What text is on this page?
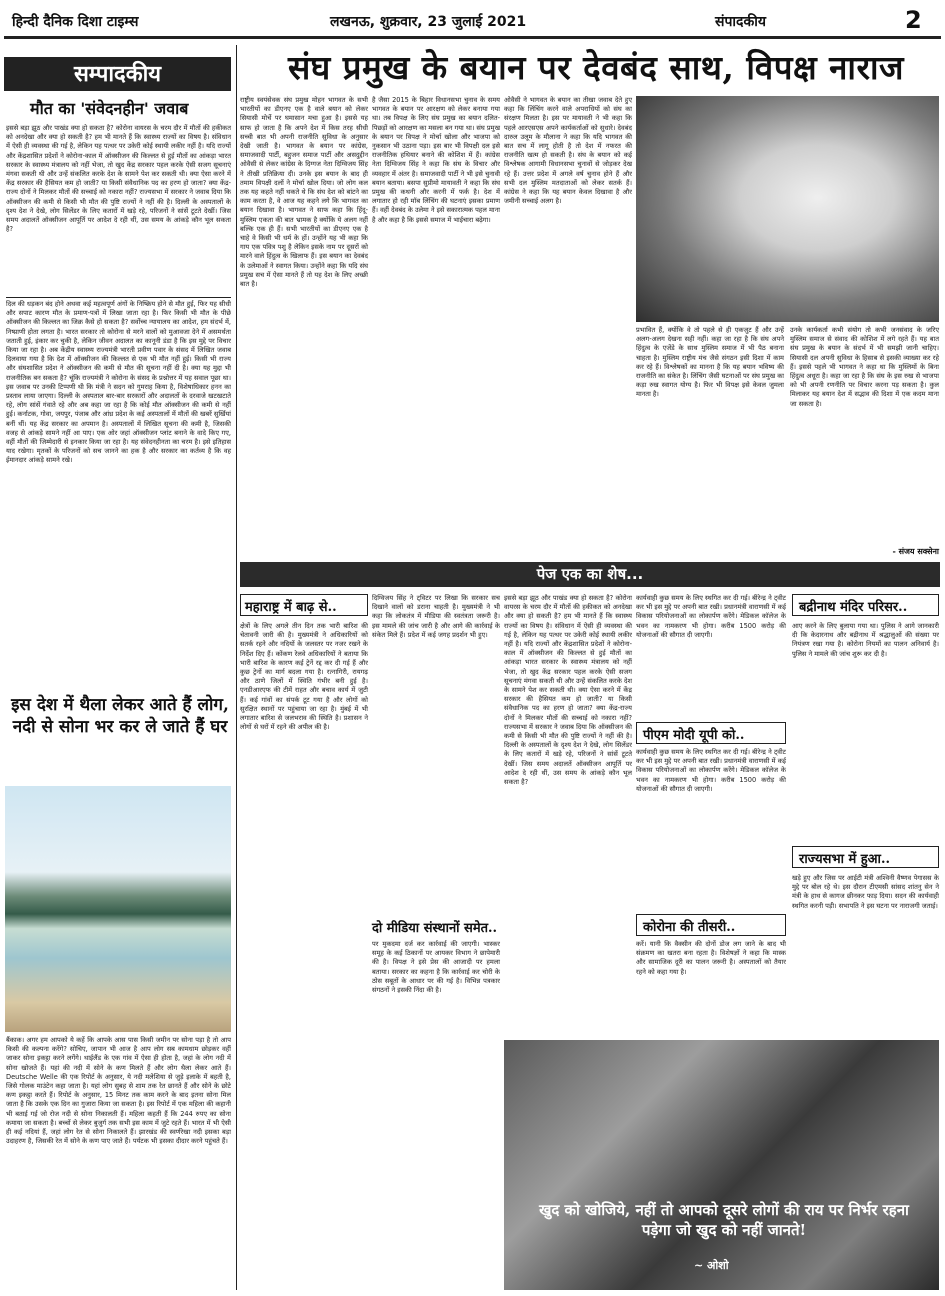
हिन्दी दैनिक दिशा टाइम्स	लखनऊ, शुक्रवार, 23 जुलाई 2021	संपादकीय	2
सम्पादकीय	संघ प्रमुख के बयान पर देवबंद साथ, विपक्ष नाराज
मौत का 'संवेदनहीन' जवाब
इससे बड़ा झूठ और पाखंड क्या हो सकता है? कोरोना वायरस के चरम दौर में मौतों की हकीकत को अनदेखा और क्या हो सकती है? हम भी मानते हैं कि स्वास्थ्य राज्यों का विषय है। संविधान में ऐसी ही व्यवस्था की गई है, लेकिन यह पत्थर पर उकेरी कोई स्थायी लकीर नहीं है। यदि राज्यों और केंद्रशासित प्रदेशों ने कोरोना-काल में ऑक्सीजन की किल्लत से हुई मौतों का आंकड़ा भारत सरकार के स्वास्थ्य मंत्रालय को नहीं भेजा, तो खुद केंद्र सरकार पहल करके ऐसी सजग सूचनाएं मंगवा सकती थी और उन्हें संकलित करके देश के सामने पेश कर सकती थी। क्या ऐसा करने में केंद्र सरकार की हैसियत कम हो जाती? या किसी संवैधानिक पद का हरण हो जाता? क्या केंद्र-राज्य दोनों ने मिलकर मौतों की सच्चाई को नकारा नहीं? राज्यसभा में सरकार ने जवाब दिया कि ऑक्सीजन की कमी से किसी भी मौत की पुष्टि राज्यों ने नहीं की है। दिल्ली के अस्पतालों के दृश्य देश ने देखे, लोग सिलेंडर के लिए कतारों में खड़े रहे, परिजनों ने सांसें टूटते देखीं। जिस समय अदालतें ऑक्सीजन आपूर्ति पर आदेश दे रही थीं, उस समय के आंकड़े कौन भूल सकता है?
दिल की धड़कन बंद होने अथवा कई महत्वपूर्ण अंगों के निष्क्रिय होने से मौत हुई, फिर यह सीधी और सपाट कारण मौत के प्रमाण-पत्रों में लिखा जाता रहा है। फिर किसी भी मौत के पीछे ऑक्सीजन की किल्लत का जिक्र कैसे हो सकता है? सर्वोच्च न्यायालय का आदेश, हम संदर्भ में, निष्प्राणी होता लगता है। भारत सरकार तो कोरोना से मरने वालों को मुआवजा देने में असमर्थता जताती हुई, इंकार कर चुकी है, लेकिन जीवन अदालत का कानूनी डंडा है कि इस मुद्दे पर विचार किया जा रहा है। अब केंद्रीय स्वास्थ्य राज्यमंत्री भारती प्रवीण पवार के संसद में लिखित जवाब दिलवाया गया है कि देश में ऑक्सीजन की किल्लत से एक भी मौत नहीं हुई। किसी भी राज्य और संघशासित प्रदेश ने ऑक्सीजन की कमी से मौत की सूचना नहीं दी है। क्या यह मुद्दा भी राजनीतिक बन सकता है? चूंकि राज्यमंत्री ने कोरोना के संसद के प्रश्नोत्तर में यह सवाल पूछा था। इस जवाब पर उनकी टिप्पणी थी कि मंत्री ने सदन को गुमराह किया है, विशेषाधिकार हनन का प्रस्ताव लाया जाएगा। दिल्ली के अस्पताल बार-बार सरकारों और अदालतों के दरवाजे खटखटाते रहे, लोग सांसें गंवाते रहे और अब कहा जा रहा है कि कोई मौत ऑक्सीजन की कमी से नहीं हुई। कर्नाटक, गोवा, जयपुर, पंजाब और आंध्र प्रदेश के कई अस्पतालों में मौतों की खबरें सुर्खियां बनीं थीं। यह केंद्र सरकार का अपमान है। अस्पतालों में लिखित सूचना की कमी है, जिसकी वजह से आंकड़े सामने नहीं आ पाए। एक ओर जहां ऑक्सीजन प्लांट बनाने के वादे किए गए, वहीं मौतों की जिम्मेदारी से इनकार किया जा रहा है। यह संवेदनहीनता का चरम है। इसे इतिहास याद रखेगा। मृतकों के परिजनों को सच जानने का हक है और सरकार का कर्तव्य है कि वह ईमानदार आंकड़े सामने रखे।
इस देश में थैला लेकर आते हैं लोग, नदी से सोना भर कर ले जाते हैं घर
बैंकाक। अगर हम आपको ये कहें कि आपके आस पास किसी जमीन पर सोना पड़ा है तो आप किसी की कल्पना करेंगे? सोचिए, जापान भी आज है आप लोग सब कामधाम छोड़कर वहीं जाकर सोना इकट्ठा करने लगेंगे। थाईलैंड के एक गांव में ऐसा ही होता है, जहां के लोग नदी में सोना खोजते हैं। यहां की नदी में सोने के कण मिलते हैं और लोग थैला लेकर आते हैं। Deutsche Welle की एक रिपोर्ट के अनुसार, ये नदी मलेशिया से जुड़े इलाके में बहती है, जिसे गोलक माउंटेन कहा जाता है। यहां लोग सुबह से शाम तक रेत छानते हैं और सोने के छोटे कण इकट्ठा करते हैं। रिपोर्ट के अनुसार, 15 मिनट तक काम करने के बाद इतना सोना मिल जाता है कि उसके एक दिन का गुजारा किया जा सकता है। इस रिपोर्ट में एक महिला की कहानी भी बताई गई जो रोज नदी से सोना निकालती हैं। महिला कहती हैं कि 244 रुपए का सोना कमाया जा सकता है। बच्चों से लेकर बुजुर्ग तक सभी इस काम में जुटे रहते हैं। भारत में भी ऐसी ही कई नदियां हैं, जहां लोग रेत से सोना निकालते हैं। झारखंड की स्वर्णरेखा नदी इसका बड़ा उदाहरण है, जिसकी रेत में सोने के कण पाए जाते हैं। पर्यटक भी इसका दीदार करने पहुंचते हैं।
राष्ट्रीय स्वयंसेवक संघ प्रमुख मोहन भागवत के सभी भारतीयों का डीएनए एक है वाले बयान को लेकर सियासी मोर्चे पर घमासान मचा हुआ है। इससे यह साफ हो जाता है कि अपने देश में किस तरह सीधी सच्ची बात भी अपनी राजनीति सुविधा के अनुसार देखी जाती है। भागवत के बयान पर कांग्रेस, समाजवादी पार्टी, बहुजन समाज पार्टी और असदुद्दीन ओवैसी से लेकर कांग्रेस के दिग्गज नेता दिग्विजय सिंह ने तीखी प्रतिक्रिया दी। उनके इस बयान के बाद ही तमाम विपक्षी दलों ने मोर्चा खोल दिया। जो लोग कल तक यह कहते नहीं थकते थे कि संघ देश को बांटने का काम करता है, वे आज यह कहने लगे कि भागवत का बयान दिखावा है। भागवत ने साफ कहा कि हिंदू-मुस्लिम एकता की बात भ्रामक है क्योंकि ये अलग नहीं बल्कि एक ही हैं। सभी भारतीयों का डीएनए एक है चाहे वे किसी भी धर्म के हों। उन्होंने यह भी कहा कि गाय एक पवित्र पशु है लेकिन इसके नाम पर दूसरों को मारने वाले हिंदुत्व के खिलाफ हैं। इस बयान का देवबंद के उलेमाओं ने स्वागत किया। उन्होंने कहा कि यदि संघ प्रमुख सच में ऐसा मानते हैं तो यह देश के लिए अच्छी बात है।
है जैसा 2015 के बिहार विधानसभा चुनाव के समय भागवत के बयान पर आरक्षण को लेकर बनाया गया था। तब विपक्ष के लिए संघ प्रमुख का बयान दलित-पिछड़ों को आरक्षण का मसला बन गया था। संघ प्रमुख के बयान पर विपक्ष ने मोर्चा खोला और भाजपा को नुकसान भी उठाना पड़ा। इस बार भी विपक्षी दल इसे राजनीतिक हथियार बनाने की कोशिश में हैं। कांग्रेस नेता दिग्विजय सिंह ने कहा कि संघ के विचार और व्यवहार में अंतर है। समाजवादी पार्टी ने भी इसे चुनावी बयान बताया। बसपा सुप्रीमो मायावती ने कहा कि संघ प्रमुख की कथनी और करनी में फर्क है। देश में लगातार हो रही मॉब लिंचिंग की घटनाएं इसका प्रमाण हैं। वहीं देवबंद के उलेमा ने इसे सकारात्मक पहल माना है और कहा है कि इससे समाज में भाईचारा बढ़ेगा।
ओवैसी ने भागवत के बयान का तीखा जवाब देते हुए कहा कि लिंचिंग करने वाले अपराधियों को संघ का संरक्षण मिलता है। इस पर मायावती ने भी कहा कि पहले आरएसएस अपने कार्यकर्ताओं को सुधारे। देवबंद दारुल उलूम के मौलाना ने कहा कि यदि भागवत की बात सच में लागू होती है तो देश में नफरत की राजनीति खत्म हो सकती है। संघ के बयान को कई विश्लेषक आगामी विधानसभा चुनावों से जोड़कर देख रहे हैं। उत्तर प्रदेश में अगले वर्ष चुनाव होने हैं और सभी दल मुस्लिम मतदाताओं को लेकर सतर्क हैं। कांग्रेस ने कहा कि यह बयान केवल दिखावा है और जमीनी सच्चाई अलग है।
प्रभावित हैं, क्योंकि वे तो पहले से ही एकजुट हैं और उन्हें अलग-अलग देखना सही नहीं। कहा जा रहा है कि संघ अपने हिंदुत्व के एजेंडे के साथ मुस्लिम समाज में भी पैठ बनाना चाहता है। मुस्लिम राष्ट्रीय मंच जैसे संगठन इसी दिशा में काम कर रहे हैं। विश्लेषकों का मानना है कि यह बयान भविष्य की राजनीति का संकेत है। लिंचिंग जैसी घटनाओं पर संघ प्रमुख का कड़ा रुख स्वागत योग्य है। फिर भी विपक्ष इसे केवल जुमला मानता है।
उनके कार्यकर्ता कभी संयोग तो कभी जनसंवाद के जरिए मुस्लिम समाज से संवाद की कोशिश में लगे रहते हैं। यह बात संघ प्रमुख के बयान के संदर्भ में भी समझी जानी चाहिए। सियासी दल अपनी सुविधा के हिसाब से इसकी व्याख्या कर रहे हैं। इससे पहले भी भागवत ने कहा था कि मुस्लिमों के बिना हिंदुत्व अधूरा है। कहा जा रहा है कि संघ के इस रुख से भाजपा को भी अपनी रणनीति पर विचार करना पड़ सकता है। कुल मिलाकर यह बयान देश में सद्भाव की दिशा में एक कदम माना जा सकता है।
- संजय सक्सेना
पेज एक का शेष...
महाराष्ट्र में बाढ़ से..
क्षेत्रों के लिए अगले तीन दिन तक भारी बारिश की चेतावनी जारी की है। मुख्यमंत्री ने अधिकारियों को सतर्क रहने और नदियों के जलस्तर पर नजर रखने के निर्देश दिए हैं। कोंकण रेलवे अधिकारियों ने बताया कि भारी बारिश के कारण कई ट्रेनें रद्द कर दी गई हैं और कुछ ट्रेनों का मार्ग बदला गया है। रत्नागिरी, रायगढ़ और ठाणे जिलों में स्थिति गंभीर बनी हुई है। एनडीआरएफ की टीमें राहत और बचाव कार्य में जुटी हैं। कई गांवों का संपर्क टूट गया है और लोगों को सुरक्षित स्थानों पर पहुंचाया जा रहा है। मुंबई में भी लगातार बारिश से जलभराव की स्थिति है। प्रशासन ने लोगों से घरों में रहने की अपील की है।
दिग्विजय सिंह ने ट्विटर पर लिखा कि सरकार सच दिखाने वालों को डराना चाहती है। मुख्यमंत्री ने भी कहा कि लोकतंत्र में मीडिया की स्वतंत्रता जरूरी है। इस मामले की जांच जारी है और आगे की कार्रवाई के संकेत मिले हैं। प्रदेश में कई जगह प्रदर्शन भी हुए।
दो मीडिया संस्थानों समेत..
पर मुकदमा दर्ज कर कार्रवाई की जाएगी। भास्कर समूह के कई ठिकानों पर आयकर विभाग ने छापेमारी की है। विपक्ष ने इसे प्रेस की आजादी पर हमला बताया। सरकार का कहना है कि कार्रवाई कर चोरी के ठोस सबूतों के आधार पर की गई है। विभिन्न पत्रकार संगठनों ने इसकी निंदा की है।
इससे बड़ा झूठ और पाखंड क्या हो सकता है? कोरोना वायरस के चरम दौर में मौतों की हकीकत को अनदेखा और क्या हो सकती है? हम भी मानते हैं कि स्वास्थ्य राज्यों का विषय है। संविधान में ऐसी ही व्यवस्था की गई है, लेकिन यह पत्थर पर उकेरी कोई स्थायी लकीर नहीं है। यदि राज्यों और केंद्रशासित प्रदेशों ने कोरोना-काल में ऑक्सीजन की किल्लत से हुई मौतों का आंकड़ा भारत सरकार के स्वास्थ्य मंत्रालय को नहीं भेजा, तो खुद केंद्र सरकार पहल करके ऐसी सजग सूचनाएं मंगवा सकती थी और उन्हें संकलित करके देश के सामने पेश कर सकती थी। क्या ऐसा करने में केंद्र सरकार की हैसियत कम हो जाती? या किसी संवैधानिक पद का हरण हो जाता? क्या केंद्र-राज्य दोनों ने मिलकर मौतों की सच्चाई को नकारा नहीं? राज्यसभा में सरकार ने जवाब दिया कि ऑक्सीजन की कमी से किसी भी मौत की पुष्टि राज्यों ने नहीं की है। दिल्ली के अस्पतालों के दृश्य देश ने देखे, लोग सिलेंडर के लिए कतारों में खड़े रहे, परिजनों ने सांसें टूटते देखीं। जिस समय अदालतें ऑक्सीजन आपूर्ति पर आदेश दे रही थीं, उस समय के आंकड़े कौन भूल सकता है?
कार्यवाही कुछ समय के लिए स्थगित कर दी गई। बीरेन्द्र ने ट्वीट कर भी इस मुद्दे पर अपनी बात रखी। प्रधानमंत्री वाराणसी में कई विकास परियोजनाओं का लोकार्पण करेंगे। मेडिकल कॉलेज के भवन का नामकरण भी होगा। करीब 1500 करोड़ की योजनाओं की सौगात दी जाएगी।
पीएम मोदी यूपी को..
कार्यवाही कुछ समय के लिए स्थगित कर दी गई। बीरेन्द्र ने ट्वीट कर भी इस मुद्दे पर अपनी बात रखी। प्रधानमंत्री वाराणसी में कई विकास परियोजनाओं का लोकार्पण करेंगे। मेडिकल कॉलेज के भवन का नामकरण भी होगा। करीब 1500 करोड़ की योजनाओं की सौगात दी जाएगी।
कोरोना की तीसरी..
करें। यानी कि वैक्सीन की दोनों डोज लग जाने के बाद भी संक्रमण का खतरा बना रहता है। विशेषज्ञों ने कहा कि मास्क और सामाजिक दूरी का पालन जरूरी है। अस्पतालों को तैयार रहने को कहा गया है।
बद्रीनाथ मंदिर परिसर..
आए करने के लिए बुलाया गया था। पुलिस ने आगे जानकारी दी कि केदारनाथ और बद्रीनाथ में श्रद्धालुओं की संख्या पर नियंत्रण रखा गया है। कोरोना नियमों का पालन अनिवार्य है। पुलिस ने मामले की जांच शुरू कर दी है।
राज्यसभा में हुआ..
खड़े हुए और जिस पर आईटी मंत्री अश्विनी वैष्णव पेगासस के मुद्दे पर बोल रहे थे। इस दौरान टीएमसी सांसद शांतनु सेन ने मंत्री के हाथ से कागज छीनकर फाड़ दिया। सदन की कार्यवाही स्थगित करनी पड़ी। सभापति ने इस घटना पर नाराजगी जताई।
खुद को खोजिये, नहीं तो आपको दूसरे लोगों की राय पर निर्भर रहना पड़ेगा जो खुद को नहीं जानते!
~ ओशो
